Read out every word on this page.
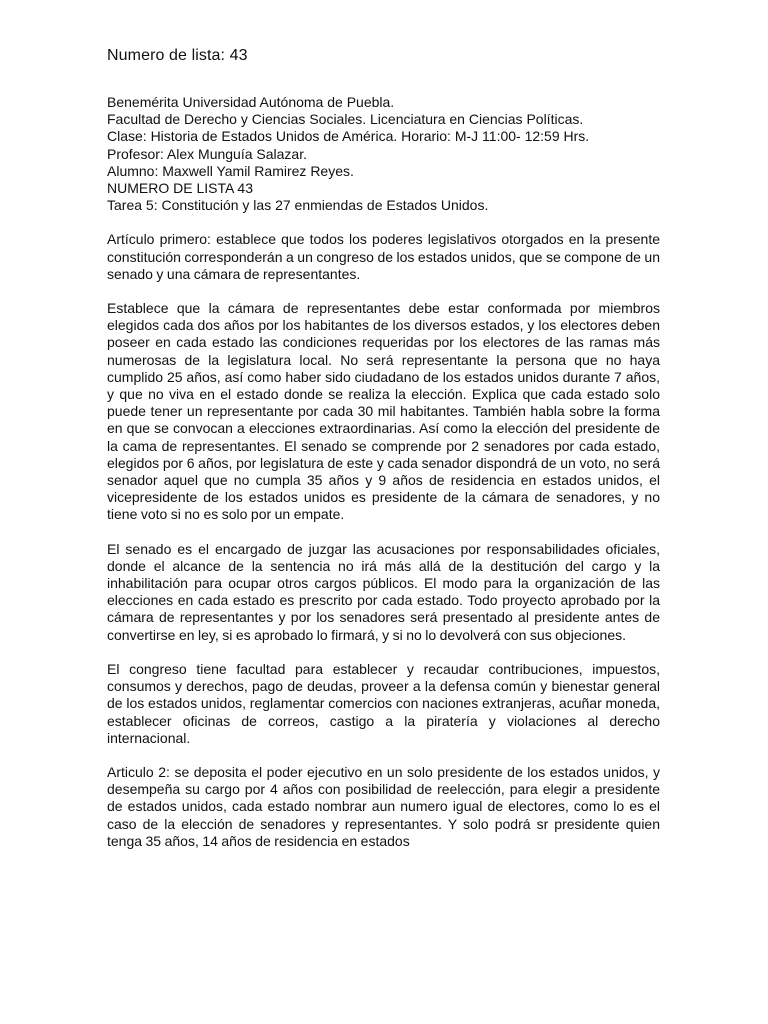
Numero de lista: 43
Benemérita Universidad Autónoma de Puebla.
Facultad de Derecho y Ciencias Sociales. Licenciatura en Ciencias Políticas.
Clase: Historia de Estados Unidos de América. Horario: M-J 11:00- 12:59 Hrs.
Profesor: Alex Munguía Salazar.
Alumno: Maxwell Yamil Ramirez Reyes.
NUMERO DE LISTA 43
Tarea 5: Constitución y las 27 enmiendas de Estados Unidos.

Artículo primero: establece que todos los poderes legislativos otorgados en la presente constitución corresponderán a un congreso de los estados unidos, que se compone de un senado y una cámara de representantes.

Establece que la cámara de representantes debe estar conformada por miembros elegidos cada dos años por los habitantes de los diversos estados, y los electores deben poseer en cada estado las condiciones requeridas por los electores de las ramas más numerosas de la legislatura local. No será representante la persona que no haya cumplido 25 años, así como haber sido ciudadano de los estados unidos durante 7 años, y que no viva en el estado donde se realiza la elección. Explica que cada estado solo puede tener un representante por cada 30 mil habitantes. También habla sobre la forma en que se convocan a elecciones extraordinarias. Así como la elección del presidente de la cama de representantes. El senado se comprende por 2 senadores por cada estado, elegidos por 6 años, por legislatura de este y cada senador dispondrá de un voto, no será senador aquel que no cumpla 35 años y 9 años de residencia en estados unidos, el vicepresidente de los estados unidos es presidente de la cámara de senadores, y no tiene voto si no es solo por un empate.

El senado es el encargado de juzgar las acusaciones por responsabilidades oficiales, donde el alcance de la sentencia no irá más allá de la destitución del cargo y la inhabilitación para ocupar otros cargos públicos. El modo para la organización de las elecciones en cada estado es prescrito por cada estado. Todo proyecto aprobado por la cámara de representantes y por los senadores será presentado al presidente antes de convertirse en ley, si es aprobado lo firmará, y si no lo devolverá con sus objeciones.

El congreso tiene facultad para establecer y recaudar contribuciones, impuestos, consumos y derechos, pago de deudas, proveer a la defensa común y bienestar general de los estados unidos, reglamentar comercios con naciones extranjeras, acuñar moneda, establecer oficinas de correos, castigo a la piratería y violaciones al derecho internacional.

Articulo 2: se deposita el poder ejecutivo en un solo presidente de los estados unidos, y desempeña su cargo por 4 años con posibilidad de reelección, para elegir a presidente de estados unidos, cada estado nombrar aun numero igual de electores, como lo es el caso de la elección de senadores y representantes. Y solo podrá sr presidente quien tenga 35 años, 14 años de residencia en estados
